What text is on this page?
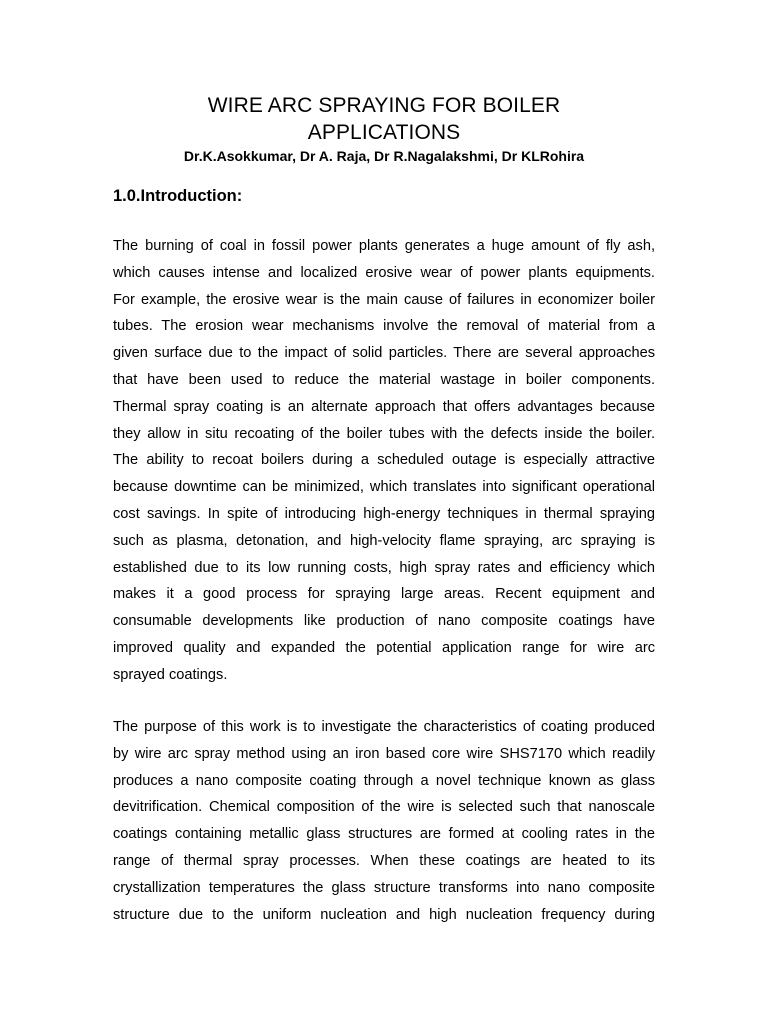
WIRE ARC SPRAYING FOR BOILER
APPLICATIONS

Dr.K.Asokkumar, Dr A. Raja, Dr R.Nagalakshmi, Dr KLRohira

1.0.Introduction:
The burning of coal in fossil power plants generates a huge amount of fly ash,
which causes intense and localized erosive wear of power plants equipments.
For example, the erosive wear is the main cause of failures in economizer boiler
tubes. The erosion wear mechanisms involve the removal of material from a
given surface due to the impact of solid particles. There are several approaches
that have been used to reduce the material wastage in boiler components.
Thermal spray coating is an alternate approach that offers advantages because
they allow in situ recoating of the boiler tubes with the defects inside the boiler.
The ability to recoat boilers during a scheduled outage is especially attractive
because downtime can be minimized, which translates into significant operational
cost savings. In spite of introducing high-energy techniques in thermal spraying
such as plasma, detonation, and high-velocity flame spraying, arc spraying is
established due to its low running costs, high spray rates and efficiency which
makes it a good process for spraying large areas. Recent equipment and
consumable developments like production of nano composite coatings have
improved quality and expanded the potential application range for wire arc
sprayed coatings.
The purpose of this work is to investigate the characteristics of coating produced
by wire arc spray method using an iron based core wire SHS7170 which readily
produces a nano composite coating through a novel technique known as glass
devitrification. Chemical composition of the wire is selected such that nanoscale
coatings containing metallic glass structures are formed at cooling rates in the
range of thermal spray processes. When these coatings are heated to its
crystallization temperatures the glass structure transforms into nano composite
structure due to the uniform nucleation and high nucleation frequency during
